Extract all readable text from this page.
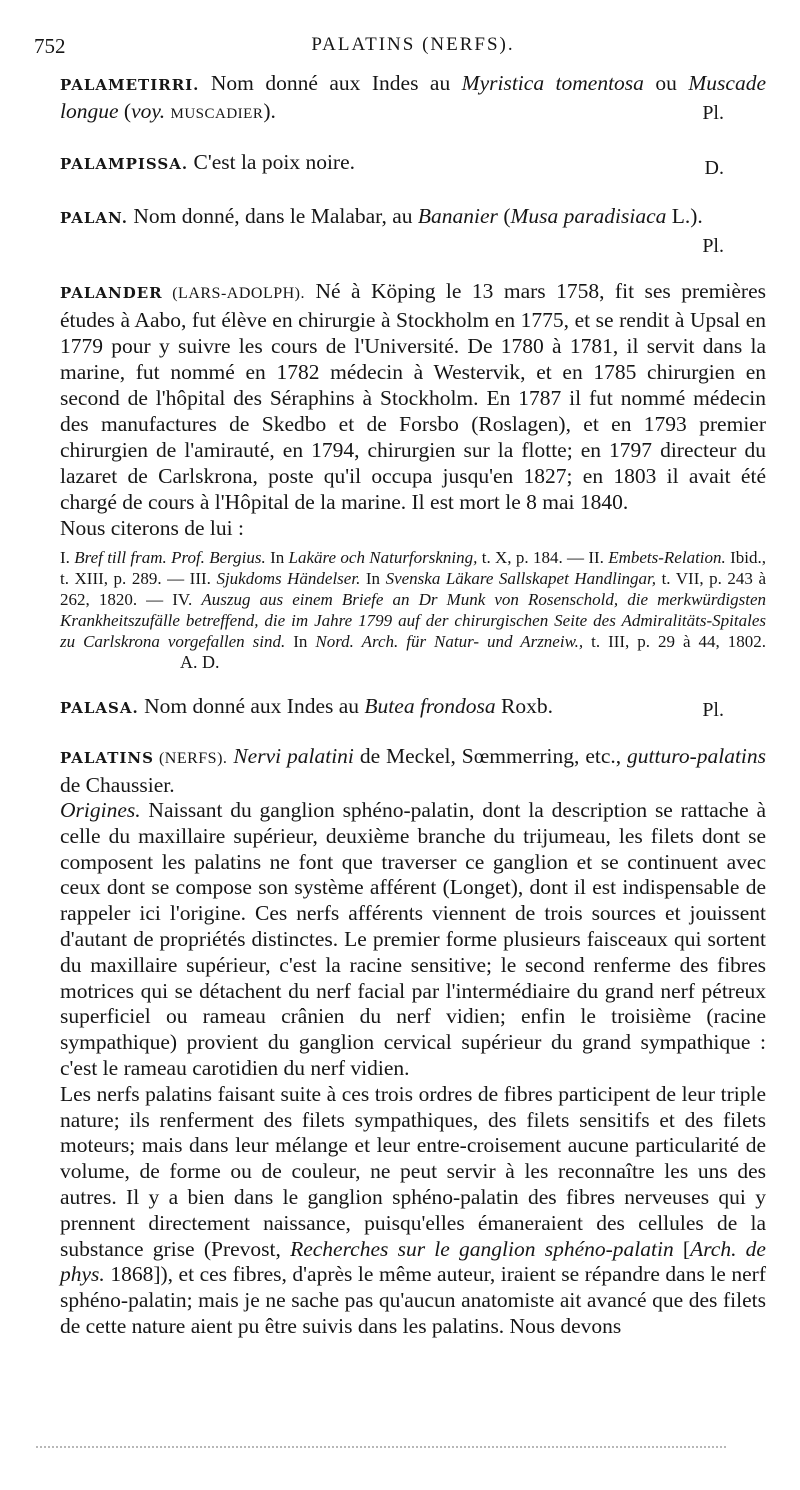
752	PALATINS (NERFS).

PALAMETIRRI. Nom donné aux Indes au Myristica tomentosa ou Muscade longue (voy. MUSCADIER).	Pl.

PALAMPISSA. C'est la poix noire.	D.

PALAN. Nom donné, dans le Malabar, au Bananier (Musa paradisiaca L.).

Pl.

PALANDER (LARS-ADOLPH). Né à Köping le 13 mars 1758, fit ses premières études à Aabo, fut élève en chirurgie à Stockholm en 1775, et se rendit à Upsal en 1779 pour y suivre les cours de l'Université. De 1780 à 1781, il servit dans la marine, fut nommé en 1782 médecin à Westervik, et en 1785 chirurgien en second de l'hôpital des Séraphins à Stockholm. En 1787 il fut nommé médecin des manufactures de Skedbo et de Forsbo (Roslagen), et en 1793 premier chirurgien de l'amirauté, en 1794, chirurgien sur la flotte; en 1797 directeur du lazaret de Carlskrona, poste qu'il occupa jusqu'en 1827; en 1803 il avait été chargé de cours à l'Hôpital de la marine. Il est mort le 8 mai 1840.

Nous citerons de lui :

I. Bref till fram. Prof. Bergius. In Lakäre och Naturforskning, t. X, p. 184. — II. Embets-Relation. Ibid., t. XIII, p. 289. — III. Sjukdoms Händelser. In Svenska Läkare Sallskapet Handlingar, t. VII, p. 243 à 262, 1820. — IV. Auszug aus einem Briefe an Dr Munk von Rosenschold, die merkwürdigsten Krankheitszufälle betreffend, die im Jahre 1799 auf der chirurgischen Seite des Admiralitäts-Spitales zu Carlskrona vorgefallen sind. In Nord. Arch. für Natur- und Arzneiw., t. III, p. 29 à 44, 1802.A. D.

PALASA. Nom donné aux Indes au Butea frondosa Roxb.	Pl.

PALATINS (NERFS). Nervi palatini de Meckel, Sœmmerring, etc., gutturo-palatins de Chaussier.

Origines. Naissant du ganglion sphéno-palatin, dont la description se rattache à celle du maxillaire supérieur, deuxième branche du trijumeau, les filets dont se composent les palatins ne font que traverser ce ganglion et se continuent avec ceux dont se compose son système afférent (Longet), dont il est indispensable de rappeler ici l'origine. Ces nerfs afférents viennent de trois sources et jouissent d'autant de propriétés distinctes. Le premier forme plusieurs faisceaux qui sortent du maxillaire supérieur, c'est la racine sensitive; le second renferme des fibres motrices qui se détachent du nerf facial par l'intermédiaire du grand nerf pétreux superficiel ou rameau crânien du nerf vidien; enfin le troisième (racine sympathique) provient du ganglion cervical supérieur du grand sympathique : c'est le rameau carotidien du nerf vidien.

Les nerfs palatins faisant suite à ces trois ordres de fibres participent de leur triple nature; ils renferment des filets sympathiques, des filets sensitifs et des filets moteurs; mais dans leur mélange et leur entre-croisement aucune particularité de volume, de forme ou de couleur, ne peut servir à les reconnaître les uns des autres. Il y a bien dans le ganglion sphéno-palatin des fibres nerveuses qui y prennent directement naissance, puisqu'elles émaneraient des cellules de la substance grise (Prevost, Recherches sur le ganglion sphéno-palatin [Arch. de phys. 1868]), et ces fibres, d'après le même auteur, iraient se répandre dans le nerf sphéno-palatin; mais je ne sache pas qu'aucun anatomiste ait avancé que des filets de cette nature aient pu être suivis dans les palatins. Nous devons
